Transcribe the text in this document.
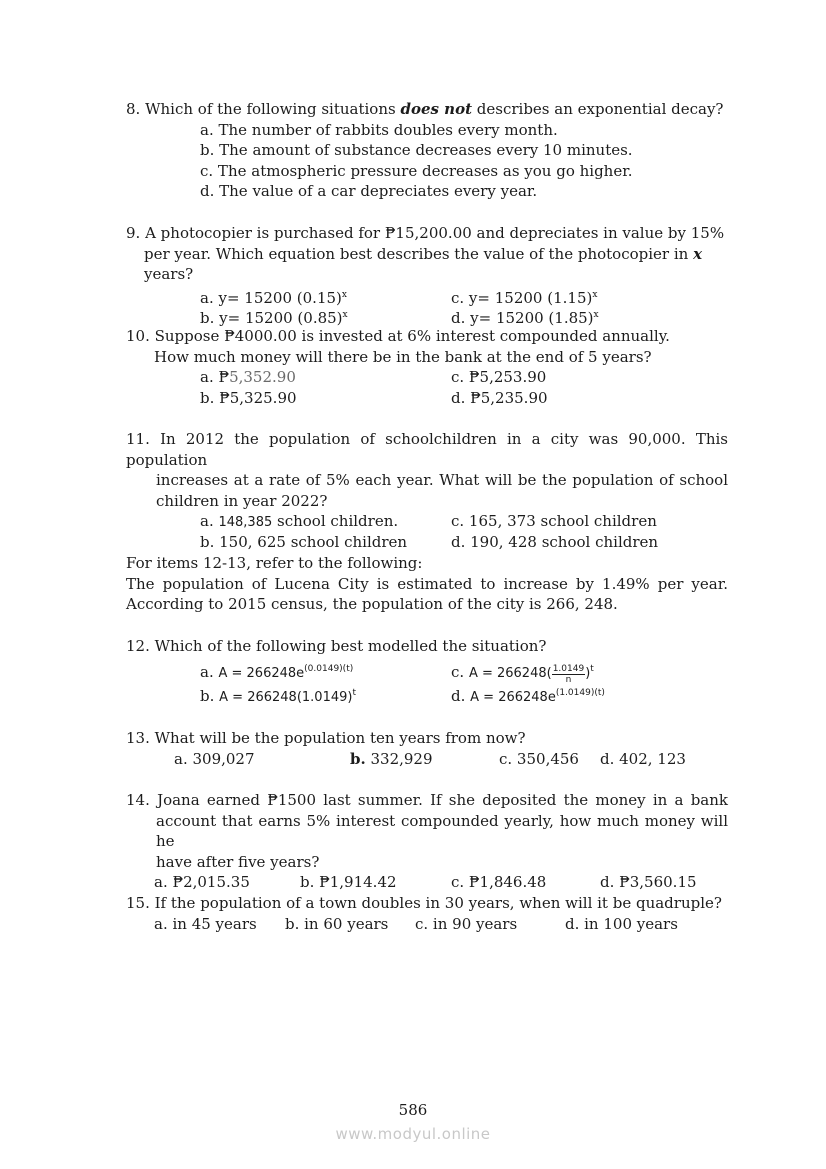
8. Which of the following situations does not describes an exponential decay?
a. The number of rabbits doubles every month.
b. The amount of substance decreases every 10 minutes.
c. The atmospheric pressure decreases as you go higher.
d. The value of a car depreciates every year.
9. A photocopier is purchased for ₱15,200.00 and depreciates in value by 15%
per year. Which equation best describes the value of the photocopier in x years?
a. y= 15200 $(0.15)^x$	c. y= 15200 $(1.15)^x$
b. y= 15200 $(0.85)^x$	d. y= 15200 $(1.85)^x$
10. Suppose ₱4000.00 is invested at 6% interest compounded annually.
How much money will there be in the bank at the end of 5 years?
a. ₱5,352.90	c. ₱5,253.90
b. ₱5,325.90	d. ₱5,235.90
11. In 2012 the population of schoolchildren in a city was 90,000. This population
increases at a rate of 5% each year. What will be the population of school
children in year 2022?
a. 148,385 school children.	c. 165, 373 school children
b. 150, 625 school children	d. 190, 428 school children
For items 12-13, refer to the following:
The population of Lucena City is estimated to increase by 1.49% per year.
According to 2015 census, the population of the city is 266, 248.
12. Which of the following best modelled the situation?
a. $A = 266248e^{(0.0149)(t)}$	c. $A = 266248( \frac{1.0149}{n} )^t$
b. $A = 266248(1.0149)^t$	d. $A = 266248e^{(1.0149)(t)}$
13. What will be the population ten years from now?
a. 309,027	b. 332,929	c. 350,456 d. 402, 123
14. Joana earned ₱1500 last summer. If she deposited the money in a bank
account that earns 5% interest compounded yearly, how much money will he
have after five years?
a. ₱2,015.35	b. ₱1,914.42	c. ₱1,846.48	d. ₱3,560.15
15. If the population of a town doubles in 30 years, when will it be quadruple?
a. in 45 years b. in 60 years c. in 90 years	d. in 100 years
586
www.modyul.online
